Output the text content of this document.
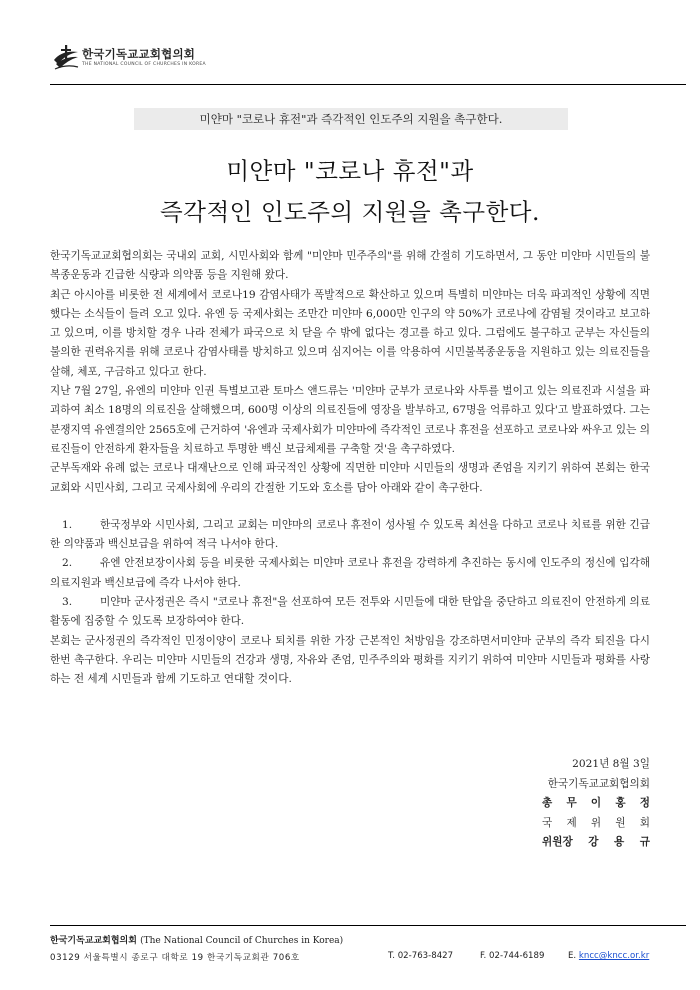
한국기독교교회협의회
THE NATIONAL COUNCIL OF CHURCHES IN KOREA
미얀마 "코로나 휴전"과 즉각적인 인도주의 지원을 촉구한다.
미얀마 "코로나 휴전"과
즉각적인 인도주의 지원을 촉구한다.

한국기독교교회협의회는 국내외 교회, 시민사회와 함께 "미얀마 민주주의"를 위해 간절히 기도하면서, 그 동안 미얀마 시민들의 불복종운동과 긴급한 식량과 의약품 등을 지원해 왔다.

최근 아시아를 비롯한 전 세계에서 코로나19 감염사태가 폭발적으로 확산하고 있으며 특별히 미얀마는 더욱 파괴적인 상황에 직면했다는 소식들이 들려 오고 있다. 유엔 등 국제사회는 조만간 미얀마 6,000만 인구의 약 50%가 코로나에 감염될 것이라고 보고하고 있으며, 이를 방치할 경우 나라 전체가 파국으로 치 닫을 수 밖에 없다는 경고를 하고 있다. 그럼에도 불구하고 군부는 자신들의 불의한 권력유지를 위해 코로나 감염사태를 방치하고 있으며 심지어는 이를 악용하여 시민불복종운동을 지원하고 있는 의료진들을 살해, 체포, 구금하고 있다고 한다.

지난 7월 27일, 유엔의 미얀마 인권 특별보고관 토마스 앤드류는 '미얀마 군부가 코로나와 사투를 벌이고 있는 의료진과 시설을 파괴하여 최소 18명의 의료진을 살해했으며, 600명 이상의 의료진들에 영장을 발부하고, 67명을 억류하고 있다'고 발표하였다. 그는 분쟁지역 유엔결의안 2565호에 근거하여 '유엔과 국제사회가 미얀마에 즉각적인 코로나 휴전을 선포하고 코로나와 싸우고 있는 의료진들이 안전하게 환자들을 치료하고 투명한 백신 보급체제를 구축할 것'을 촉구하였다.

군부독재와 유례 없는 코로나 대재난으로 인해 파국적인 상황에 직면한 미얀마 시민들의 생명과 존엄을 지키기 위하여 본회는 한국교회와 시민사회, 그리고 국제사회에 우리의 간절한 기도와 호소를 담아 아래와 같이 촉구한다.

1.	한국정부와 시민사회, 그리고 교회는 미얀마의 코로나 휴전이 성사될 수 있도록 최선을 다하고 코로나 치료를 위한 긴급한 의약품과 백신보급을 위하여 적극 나서야 한다.

2.	유엔 안전보장이사회 등을 비롯한 국제사회는 미얀마 코로나 휴전을 강력하게 추진하는 동시에 인도주의 정신에 입각해 의료지원과 백신보급에 즉각 나서야 한다.

3.	미얀마 군사정권은 즉시 "코로나 휴전"을 선포하여 모든 전투와 시민들에 대한 탄압을 중단하고 의료진이 안전하게 의료활동에 집중할 수 있도록 보장하여야 한다.

본회는 군사정권의 즉각적인 민정이양이 코로나 퇴치를 위한 가장 근본적인 처방임을 강조하면서미얀마 군부의 즉각 퇴진을 다시 한번 촉구한다. 우리는 미얀마 시민들의 건강과 생명, 자유와 존엄, 민주주의와 평화를 지키기 위하여 미얀마 시민들과 평화를 사랑하는 전 세계 시민들과 함께 기도하고 연대할 것이다.

2021년 8월 3일
한국기독교교회협의회
총 무 이 홍 정
국 제 위 원 회
위원장 강 용 규
한국기독교교회협의회 (The National Council of Churches in Korea)
03129 서울특별시 종로구 대학로 19 한국기독교회관 706호	T. 02-763-8427	F. 02-744-6189	E. kncc@kncc.or.kr
